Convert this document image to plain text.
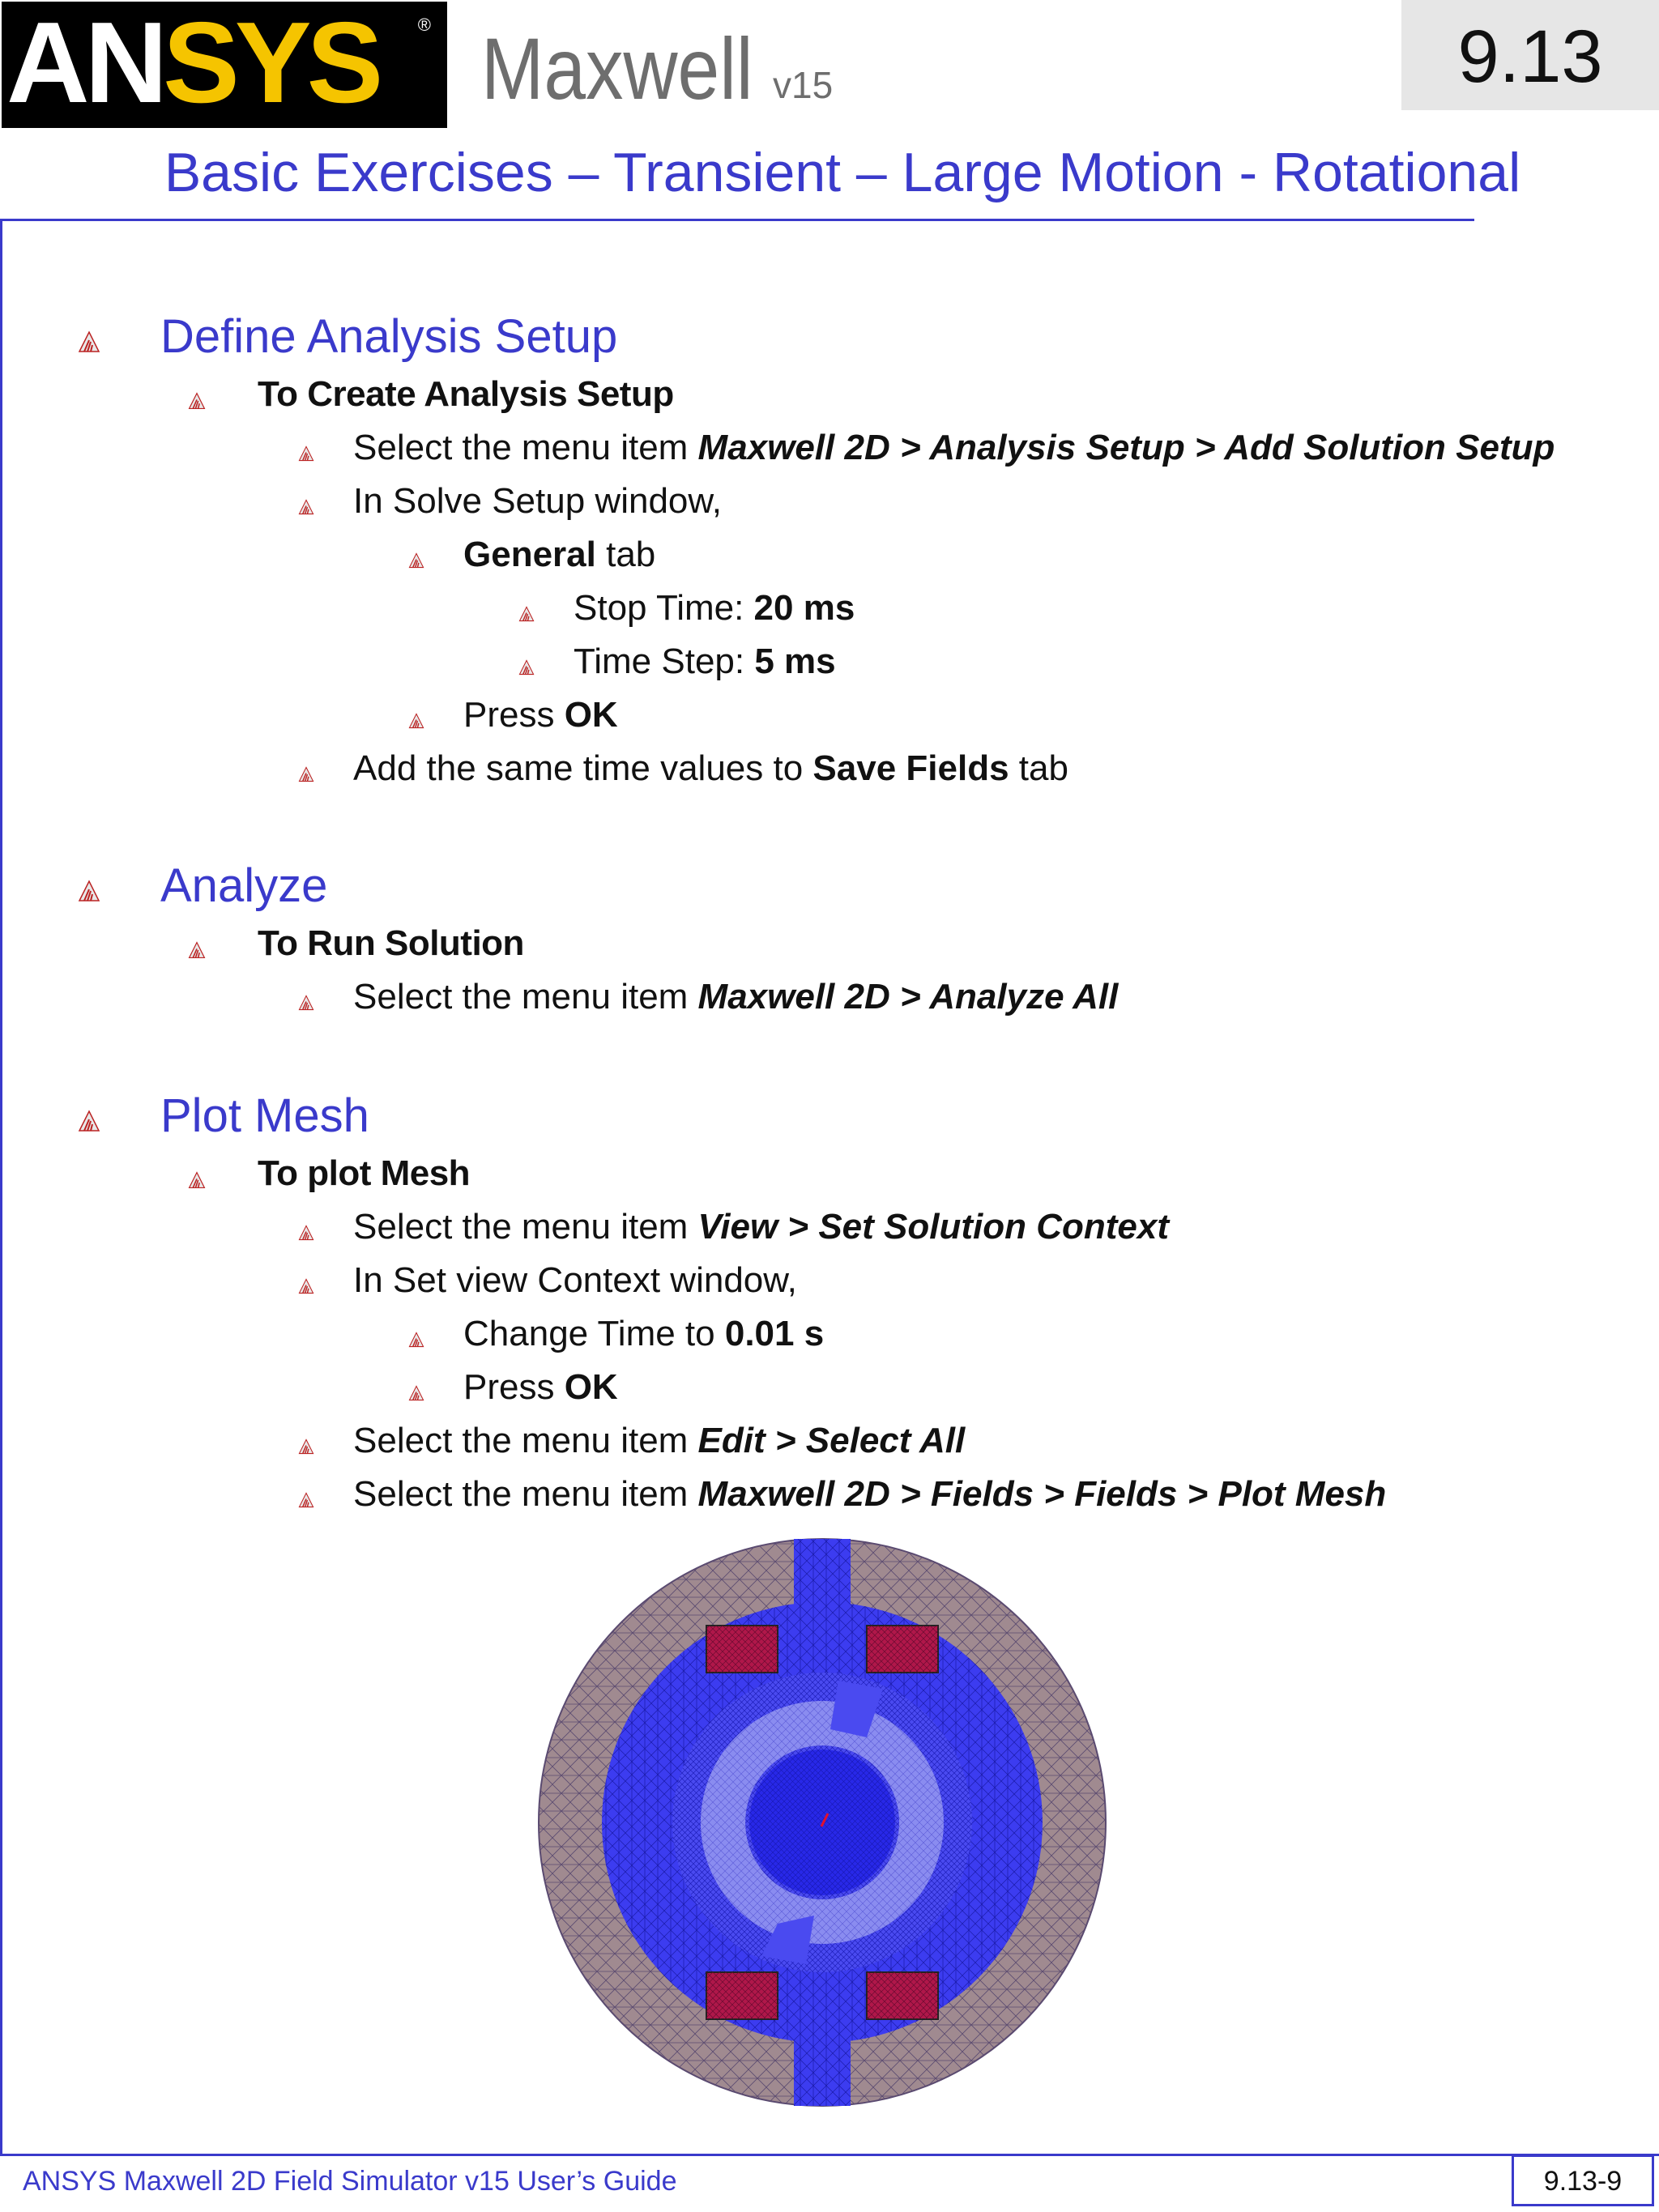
ANSYS ® Maxwell v15	9.13
Basic Exercises – Transient – Large Motion - Rotational
Define Analysis Setup
To Create Analysis Setup
Select the menu item Maxwell 2D > Analysis Setup > Add Solution Setup
In Solve Setup window,
General tab
Stop Time: 20 ms
Time Step: 5 ms
Press OK
Add the same time values to Save Fields tab
Analyze
To Run Solution
Select the menu item Maxwell 2D > Analyze All
Plot Mesh
To plot Mesh
Select the menu item View > Set Solution Context
In Set view Context window,
Change Time to 0.01 s
Press OK
Select the menu item Edit > Select All
Select the menu item Maxwell 2D > Fields > Fields > Plot Mesh
ANSYS Maxwell 2D Field Simulator v15 User’s Guide	9.13-9
